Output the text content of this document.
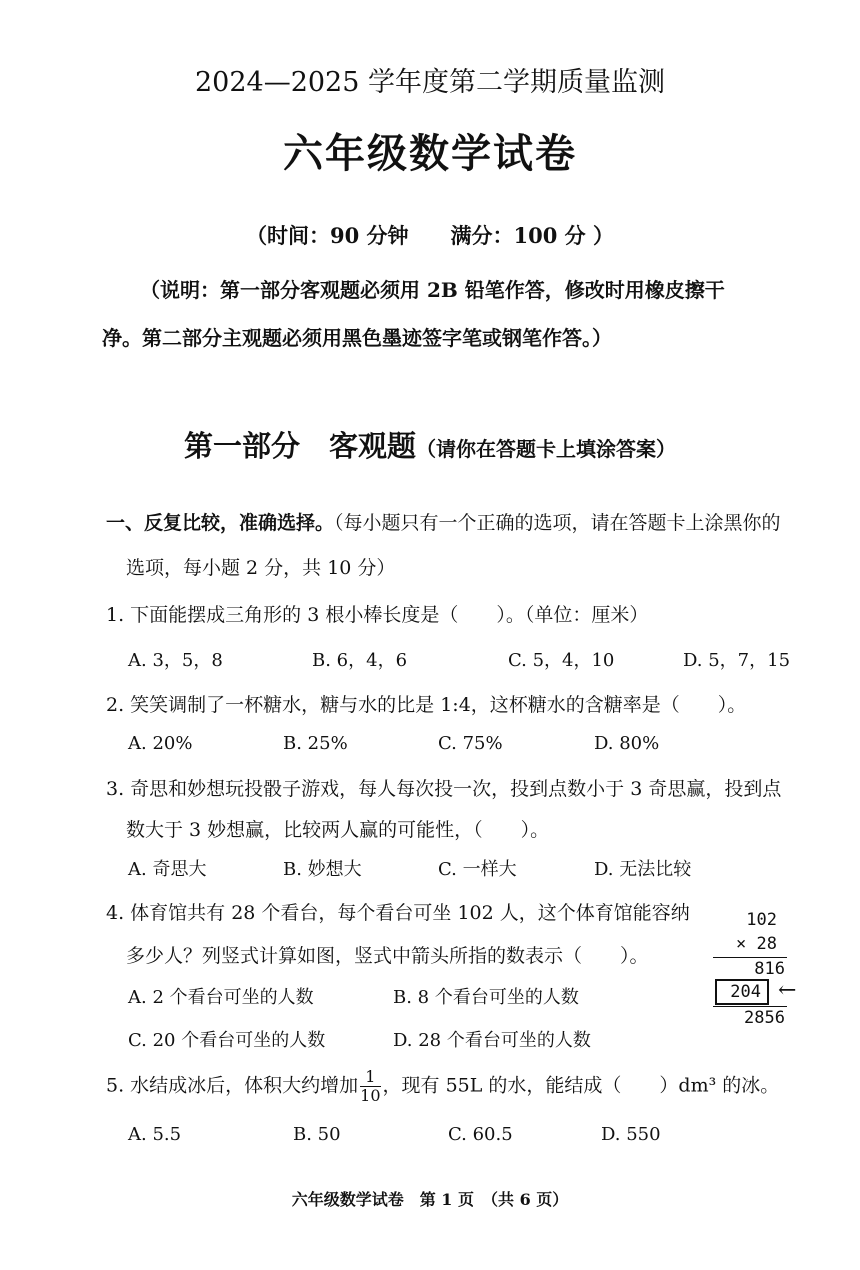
2024—2025 学年度第二学期质量监测
六年级数学试卷
（时间：90 分钟　　满分：100 分 ）
（说明：第一部分客观题必须用 2B 铅笔作答，修改时用橡皮擦干
净。第二部分主观题必须用黑色墨迹签字笔或钢笔作答。）
第一部分　客观题（请你在答题卡上填涂答案）
一、反复比较，准确选择。（每小题只有一个正确的选项，请在答题卡上涂黑你的
选项，每小题 2 分，共 10 分）
1. 下面能摆成三角形的 3 根小棒长度是（　　）。（单位：厘米）
A. 3，5，8	B. 6，4，6	C. 5，4，10	D. 5，7，15
2. 笑笑调制了一杯糖水，糖与水的比是 1:4，这杯糖水的含糖率是（　　）。
A. 20%	B. 25%	C. 75%	D. 80%
3. 奇思和妙想玩投骰子游戏，每人每次投一次，投到点数小于 3 奇思赢，投到点
数大于 3 妙想赢，比较两人赢的可能性，（　　）。
A. 奇思大	B. 妙想大	C. 一样大	D. 无法比较
4. 体育馆共有 28 个看台，每个看台可坐 102 人，这个体育馆能容纳
多少人？列竖式计算如图，竖式中箭头所指的数表示（　　）。
A. 2 个看台可坐的人数	B. 8 个看台可坐的人数
C. 20 个看台可坐的人数	D. 28 个看台可坐的人数
102
× 28
816
204
2856
←
5. 水结成冰后，体积大约增加 $\frac{1}{10}$ ，现有 55L 的水，能结成（　　）dm³ 的冰。
A. 5.5	B. 50	C. 60.5	D. 550
六年级数学试卷　第 1 页　（共 6 页）
